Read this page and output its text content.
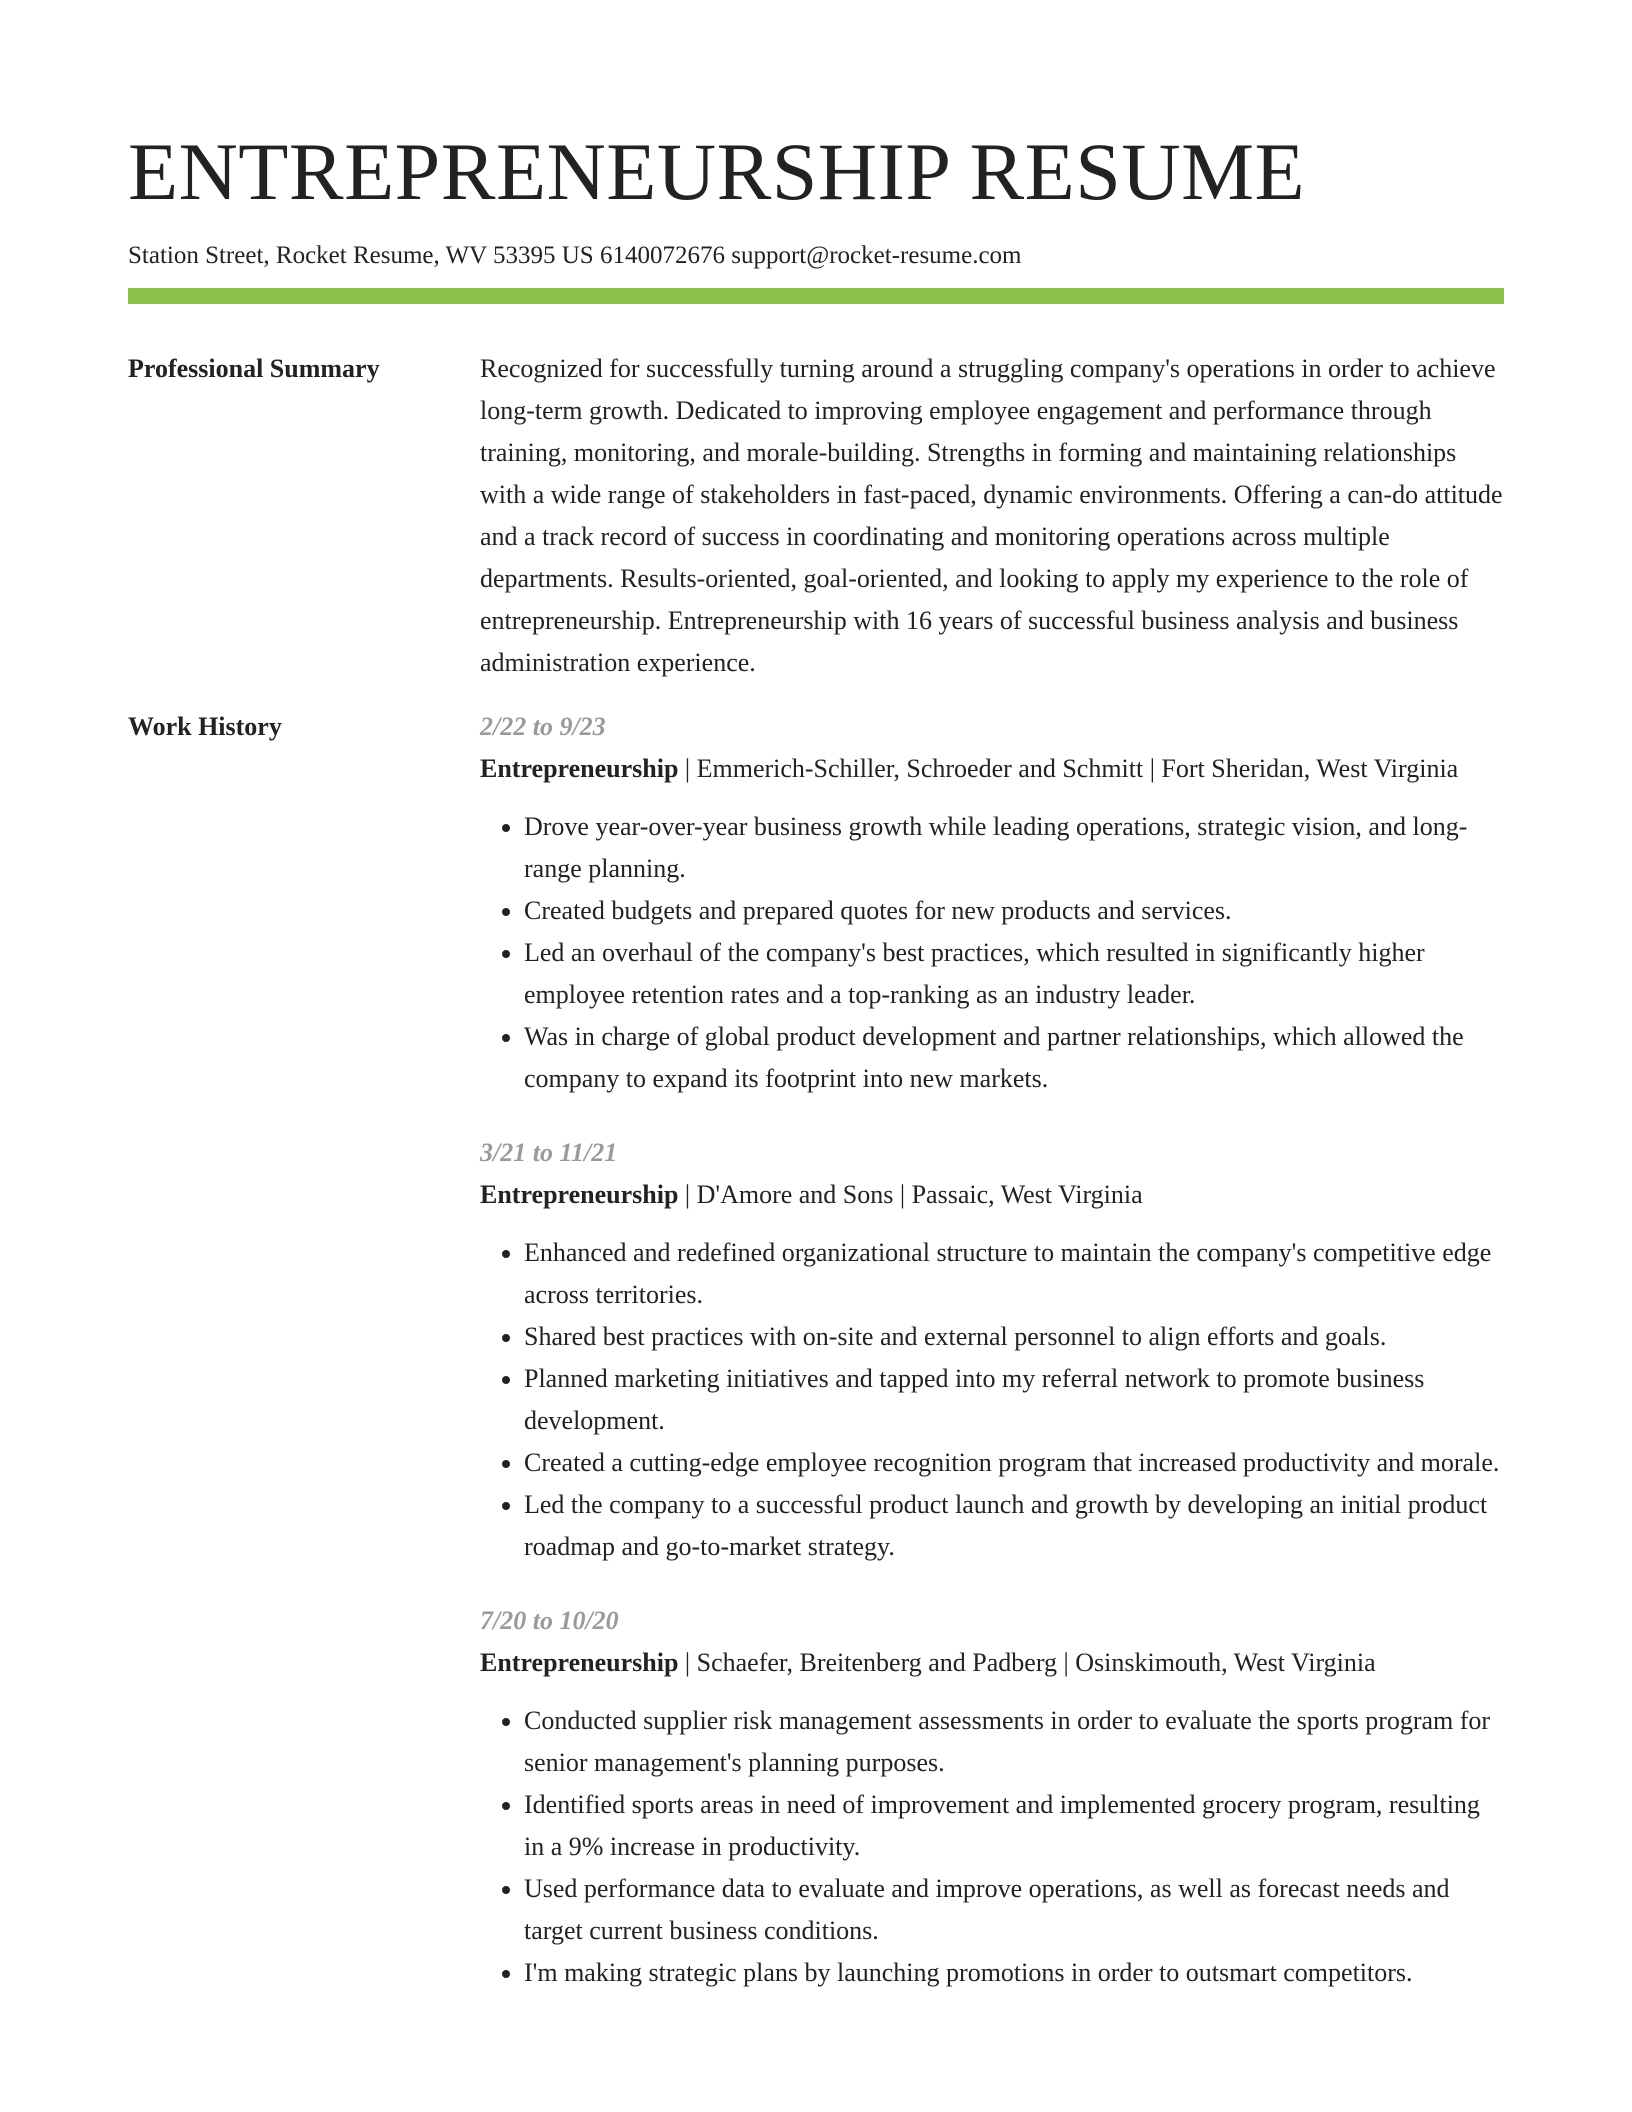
ENTREPRENEURSHIP RESUME
Station Street, Rocket Resume, WV 53395 US 6140072676 support@rocket-resume.com
Professional Summary	Recognized for successfully turning around a struggling company's operations in order to achieve long-term growth. Dedicated to improving employee engagement and performance through training, monitoring, and morale-building. Strengths in forming and maintaining relationships with a wide range of stakeholders in fast-paced, dynamic environments. Offering a can-do attitude and a track record of success in coordinating and monitoring operations across multiple departments. Results-oriented, goal-oriented, and looking to apply my experience to the role of entrepreneurship. Entrepreneurship with 16 years of successful business analysis and business administration experience.

Work History	2/22 to 9/23
Entrepreneurship | Emmerich-Schiller, Schroeder and Schmitt | Fort Sheridan, West Virginia
• Drove year-over-year business growth while leading operations, strategic vision, and long-range planning.
• Created budgets and prepared quotes for new products and services.
• Led an overhaul of the company's best practices, which resulted in significantly higher employee retention rates and a top-ranking as an industry leader.
• Was in charge of global product development and partner relationships, which allowed the company to expand its footprint into new markets.
3/21 to 11/21
Entrepreneurship | D'Amore and Sons | Passaic, West Virginia
• Enhanced and redefined organizational structure to maintain the company's competitive edge across territories.
• Shared best practices with on-site and external personnel to align efforts and goals.
• Planned marketing initiatives and tapped into my referral network to promote business development.
• Created a cutting-edge employee recognition program that increased productivity and morale.
• Led the company to a successful product launch and growth by developing an initial product roadmap and go-to-market strategy.
7/20 to 10/20
Entrepreneurship | Schaefer, Breitenberg and Padberg | Osinskimouth, West Virginia
• Conducted supplier risk management assessments in order to evaluate the sports program for senior management's planning purposes.
• Identified sports areas in need of improvement and implemented grocery program, resulting in a 9% increase in productivity.
• Used performance data to evaluate and improve operations, as well as forecast needs and target current business conditions.
• I'm making strategic plans by launching promotions in order to outsmart competitors.
